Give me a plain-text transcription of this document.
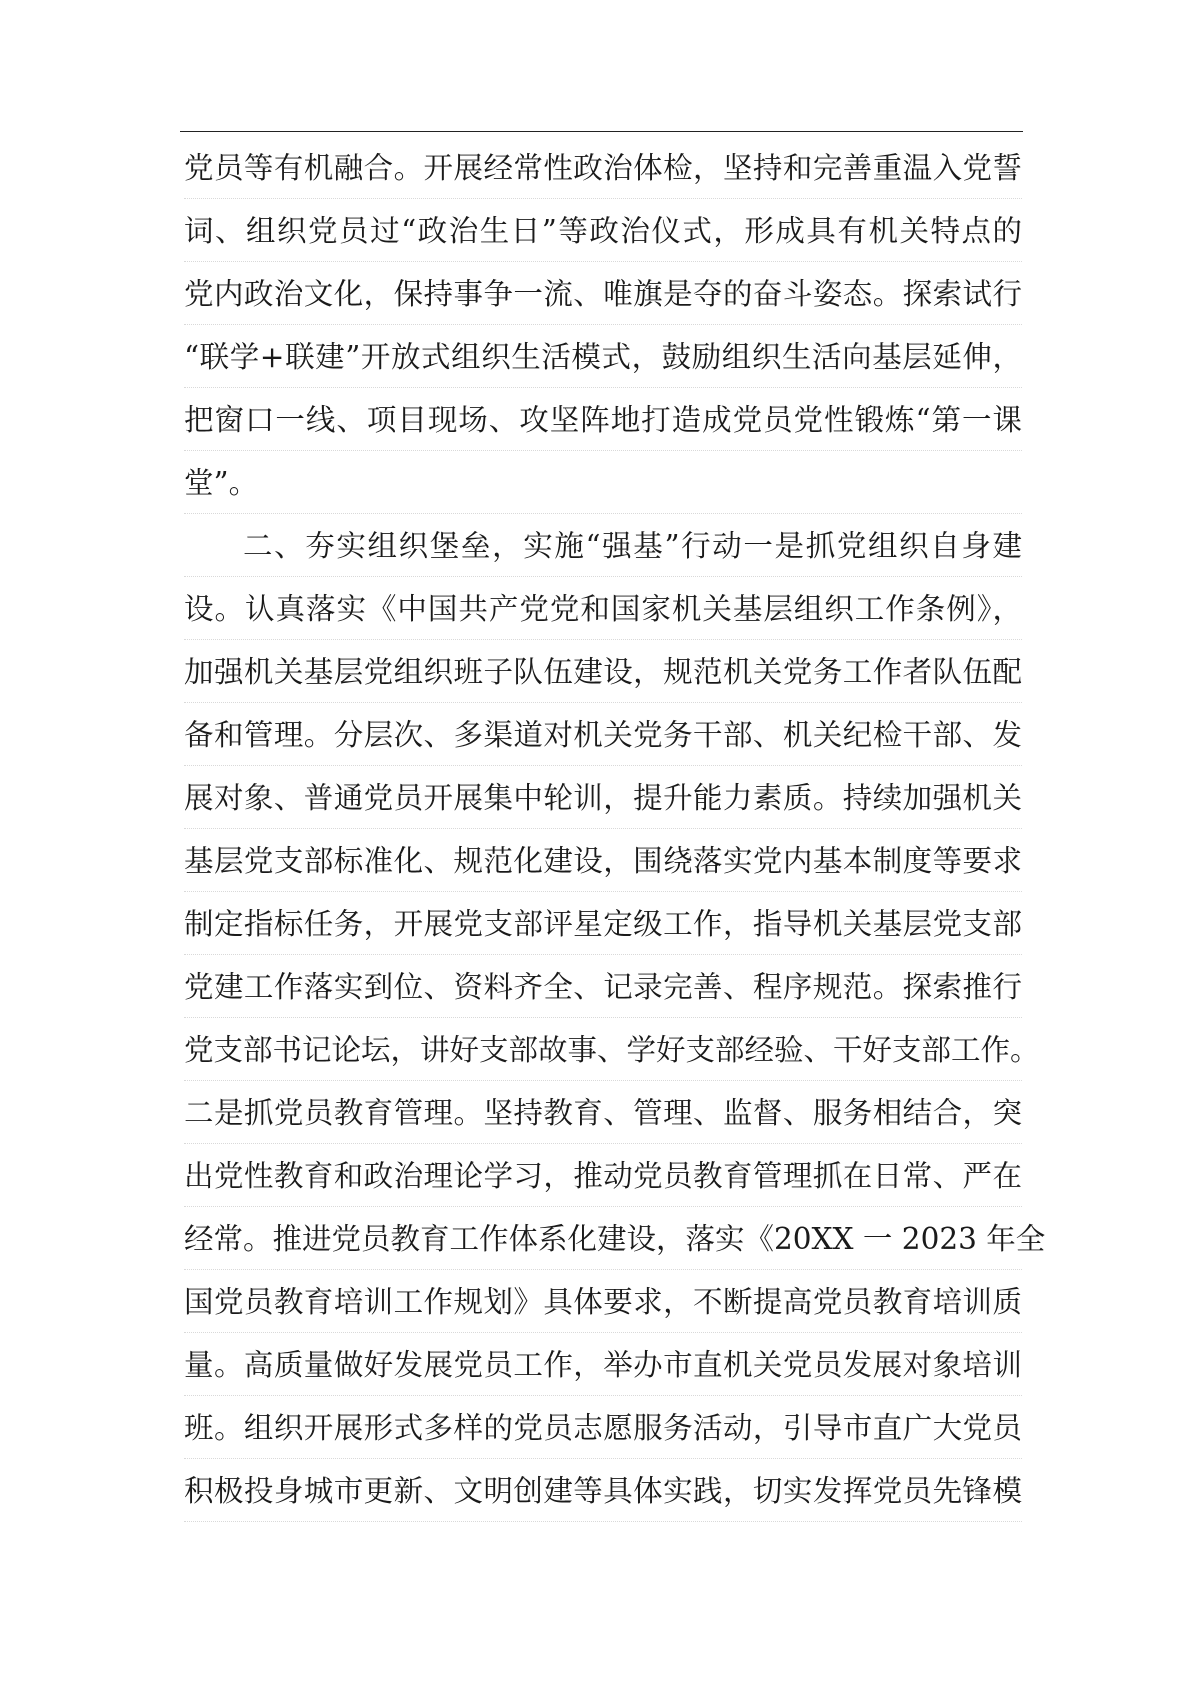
党员等有机融合。开展经常性政治体检，坚持和完善重温入党誓
词、组织党员过“政治生日”等政治仪式，形成具有机关特点的
党内政治文化，保持事争一流、唯旗是夺的奋斗姿态。探索试行
“联学+联建”开放式组织生活模式，鼓励组织生活向基层延伸，
把窗口一线、项目现场、攻坚阵地打造成党员党性锻炼“第一课
堂”。
二、夯实组织堡垒，实施“强基”行动一是抓党组织自身建
设。认真落实《中国共产党党和国家机关基层组织工作条例》，
加强机关基层党组织班子队伍建设，规范机关党务工作者队伍配
备和管理。分层次、多渠道对机关党务干部、机关纪检干部、发
展对象、普通党员开展集中轮训，提升能力素质。持续加强机关
基层党支部标准化、规范化建设，围绕落实党内基本制度等要求
制定指标任务，开展党支部评星定级工作，指导机关基层党支部
党建工作落实到位、资料齐全、记录完善、程序规范。探索推行
党支部书记论坛，讲好支部故事、学好支部经验、干好支部工作。
二是抓党员教育管理。坚持教育、管理、监督、服务相结合，突
出党性教育和政治理论学习，推动党员教育管理抓在日常、严在
经常。推进党员教育工作体系化建设，落实《20XX 一 2023 年全
国党员教育培训工作规划》具体要求，不断提高党员教育培训质
量。高质量做好发展党员工作，举办市直机关党员发展对象培训
班。组织开展形式多样的党员志愿服务活动，引导市直广大党员
积极投身城市更新、文明创建等具体实践，切实发挥党员先锋模
